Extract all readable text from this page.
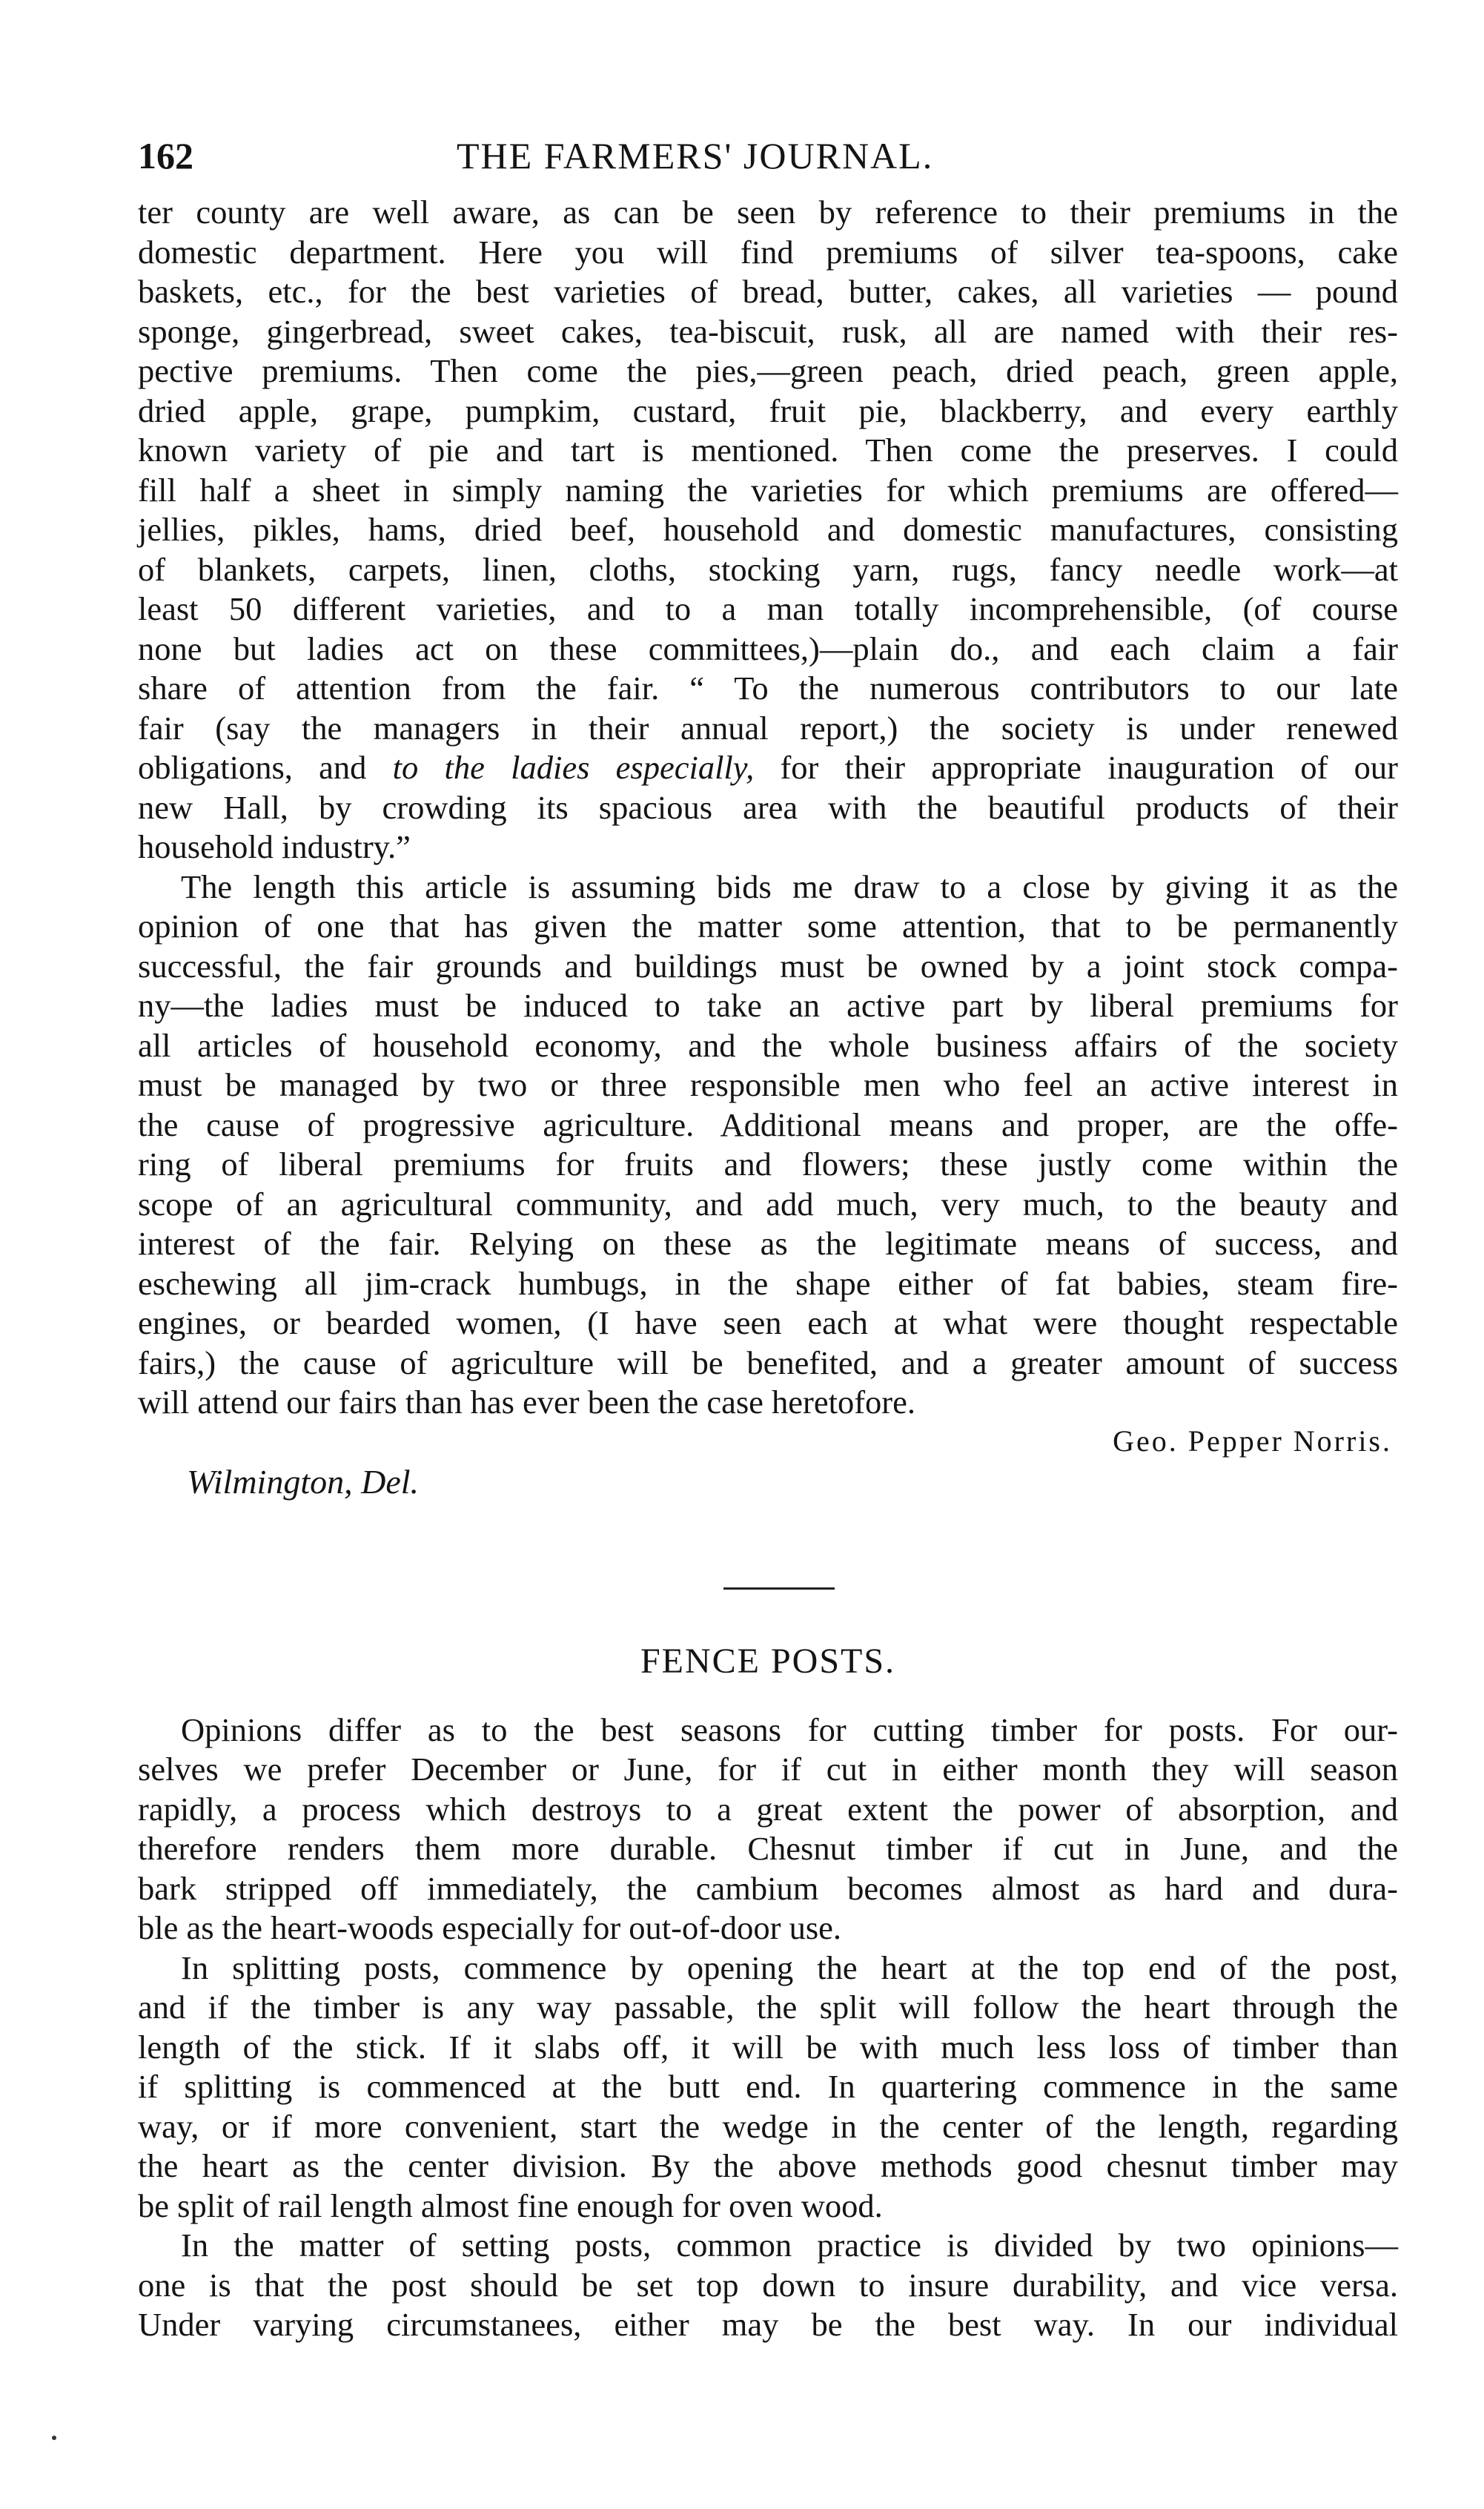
162	THE FARMERS' JOURNAL.

ter county are well aware, as can be seen by reference to their premiums in the

domestic department. Here you will find premiums of silver tea-spoons, cake

baskets, etc., for the best varieties of bread, butter, cakes, all varieties — pound

sponge, gingerbread, sweet cakes, tea-biscuit, rusk, all are named with their res-

pective premiums. Then come the pies,—green peach, dried peach, green apple,

dried apple, grape, pumpkim, custard, fruit pie, blackberry, and every earthly

known variety of pie and tart is mentioned. Then come the preserves. I could

fill half a sheet in simply naming the varieties for which premiums are offered—

jellies, pikles, hams, dried beef, household and domestic manufactures, consisting

of blankets, carpets, linen, cloths, stocking yarn, rugs, fancy needle work—at

least 50 different varieties, and to a man totally incomprehensible, (of course

none but ladies act on these committees,)—plain do., and each claim a fair

share of attention from the fair. “ To the numerous contributors to our late

fair (say the managers in their annual report,) the society is under renewed

obligations, and to the ladies especially, for their appropriate inauguration of our

new Hall, by crowding its spacious area with the beautiful products of their

household industry.”

The length this article is assuming bids me draw to a close by giving it as the

opinion of one that has given the matter some attention, that to be permanently

successful, the fair grounds and buildings must be owned by a joint stock compa-

ny—the ladies must be induced to take an active part by liberal premiums for

all articles of household economy, and the whole business affairs of the society

must be managed by two or three responsible men who feel an active interest in

the cause of progressive agriculture. Additional means and proper, are the offe-

ring of liberal premiums for fruits and flowers; these justly come within the

scope of an agricultural community, and add much, very much, to the beauty and

interest of the fair. Relying on these as the legitimate means of success, and

eschewing all jim-crack humbugs, in the shape either of fat babies, steam fire-

engines, or bearded women, (I have seen each at what were thought respectable

fairs,) the cause of agriculture will be benefited, and a greater amount of success

will attend our fairs than has ever been the case heretofore.

Geo. Pepper Norris.
Wilmington, Del.
FENCE POSTS.

Opinions differ as to the best seasons for cutting timber for posts. For our-

selves we prefer December or June, for if cut in either month they will season

rapidly, a process which destroys to a great extent the power of absorption, and

therefore renders them more durable. Chesnut timber if cut in June, and the

bark stripped off immediately, the cambium becomes almost as hard and dura-

ble as the heart-woods especially for out-of-door use.

In splitting posts, commence by opening the heart at the top end of the post,

and if the timber is any way passable, the split will follow the heart through the

length of the stick. If it slabs off, it will be with much less loss of timber than

if splitting is commenced at the butt end. In quartering commence in the same

way, or if more convenient, start the wedge in the center of the length, regarding

the heart as the center division. By the above methods good chesnut timber may

be split of rail length almost fine enough for oven wood.

In the matter of setting posts, common practice is divided by two opinions—

one is that the post should be set top down to insure durability, and vice versa.

Under varying circumstanees, either may be the best way. In our individual
